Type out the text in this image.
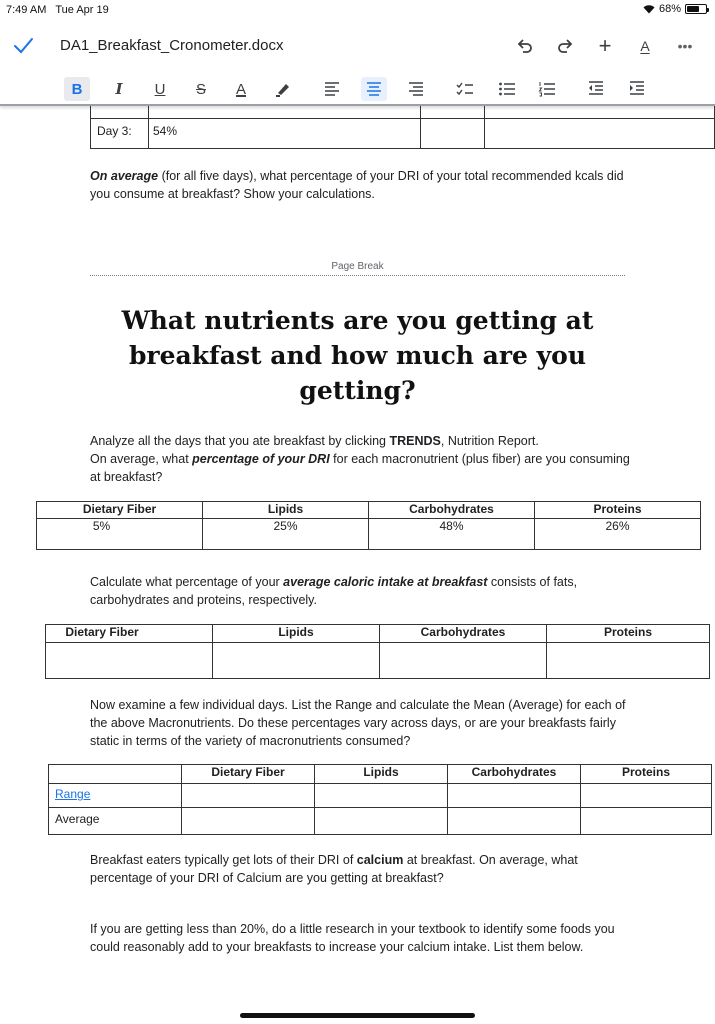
7:49 AM Tue Apr 19	68%
DA1_Breakfast_Cronometer.docx	+ A •••
B I U S A

Day 3:	54%		
On average (for all five days), what percentage of your DRI of your total recommended kcals did you consume at breakfast? Show your calculations.
Page Break
What nutrients are you getting at breakfast and how much are you getting?
Analyze all the days that you ate breakfast by clicking TRENDS, Nutrition Report.
On average, what percentage of your DRI for each macronutrient (plus fiber) are you consuming at breakfast?
Dietary Fiber	Lipids	Carbohydrates	Proteins
5%	25%	48%	26%
Calculate what percentage of your average caloric intake at breakfast consists of fats, carbohydrates and proteins, respectively.
Dietary Fiber	Lipids	Carbohydrates	Proteins

Now examine a few individual days. List the Range and calculate the Mean (Average) for each of the above Macronutrients. Do these percentages vary across days, or are your breakfasts fairly static in terms of the variety of macronutrients consumed?
	Dietary Fiber	Lipids	Carbohydrates	Proteins
Range				
Average				
Breakfast eaters typically get lots of their DRI of calcium at breakfast. On average, what percentage of your DRI of Calcium are you getting at breakfast?
If you are getting less than 20%, do a little research in your textbook to identify some foods you could reasonably add to your breakfasts to increase your calcium intake. List them below.
